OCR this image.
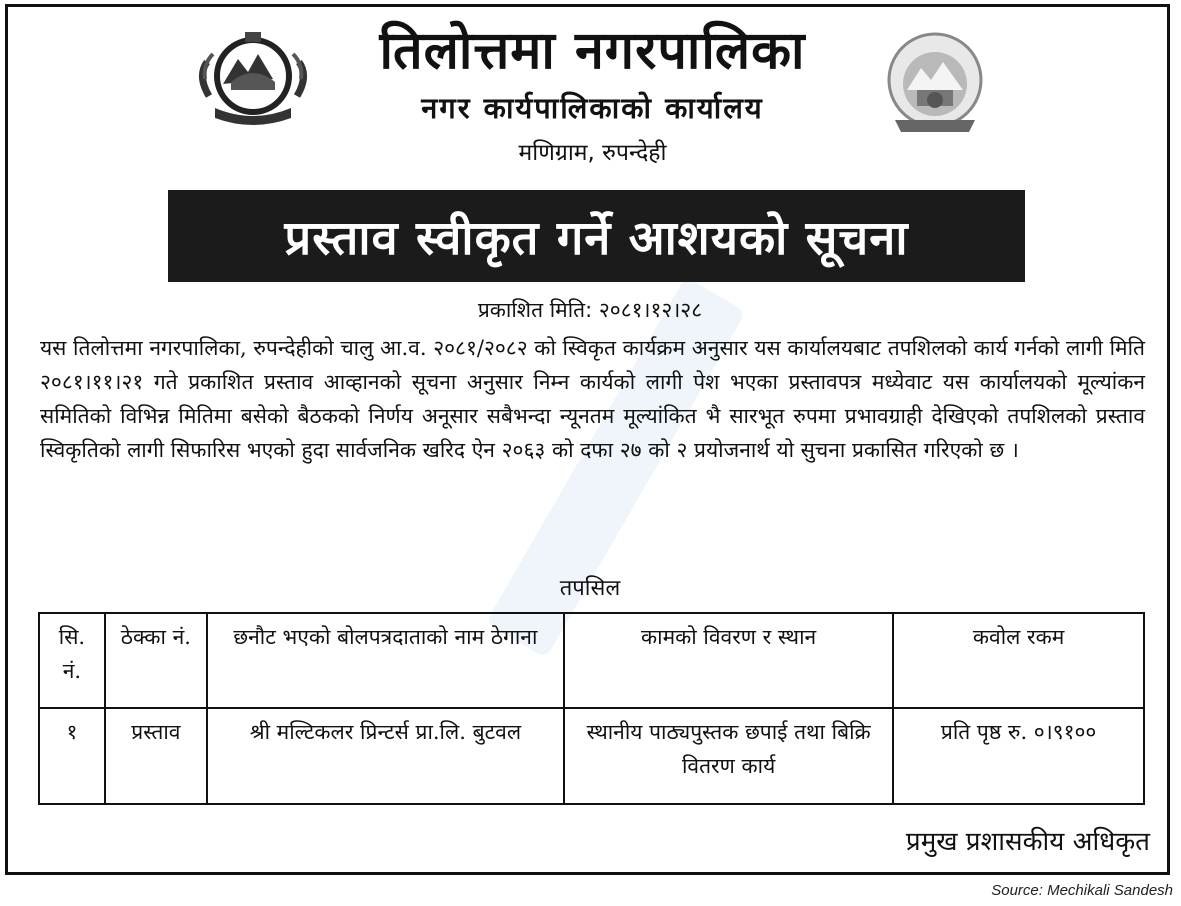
तिलोत्तमा नगरपालिका
नगर कार्यपालिकाको कार्यालय
मणिग्राम, रुपन्देही
प्रस्ताव स्वीकृत गर्ने आशयको सूचना
प्रकाशित मिति: २०८१।१२।२८
यस तिलोत्तमा नगरपालिका, रुपन्देहीको चालु आ.व. २०८१/२०८२ को स्विकृत कार्यक्रम अनुसार यस कार्यालयबाट तपशिलको कार्य गर्नको लागी मिति २०८१।११।२१ गते प्रकाशित प्रस्ताव आव्हानको सूचना अनुसार निम्न कार्यको लागी पेश भएका प्रस्तावपत्र मध्येवाट यस कार्यालयको मूल्यांकन समितिको विभिन्न मितिमा बसेको बैठकको निर्णय अनूसार सबैभन्दा न्यूनतम मूल्यांकित भै सारभूत रुपमा प्रभावग्राही देखिएको तपशिलको प्रस्ताव स्विकृतिको लागी सिफारिस भएको हुदा सार्वजनिक खरिद ऐन २०६३ को दफा २७ को २ प्रयोजनार्थ यो सुचना प्रकासित गरिएको छ ।
तपसिल
सि. नं.	ठेक्का नं.	छनौट भएको बोलपत्रदाताको नाम ठेगाना	कामको विवरण र स्थान	कवोल रकम
१	प्रस्ताव	श्री मल्टिकलर प्रिन्टर्स प्रा.लि. बुटवल	स्थानीय पाठ्यपुस्तक छपाई तथा बिक्रि वितरण कार्य	प्रति पृष्ठ रु. ०।९१००
प्रमुख प्रशासकीय अधिकृत
Source: Mechikali Sandesh
